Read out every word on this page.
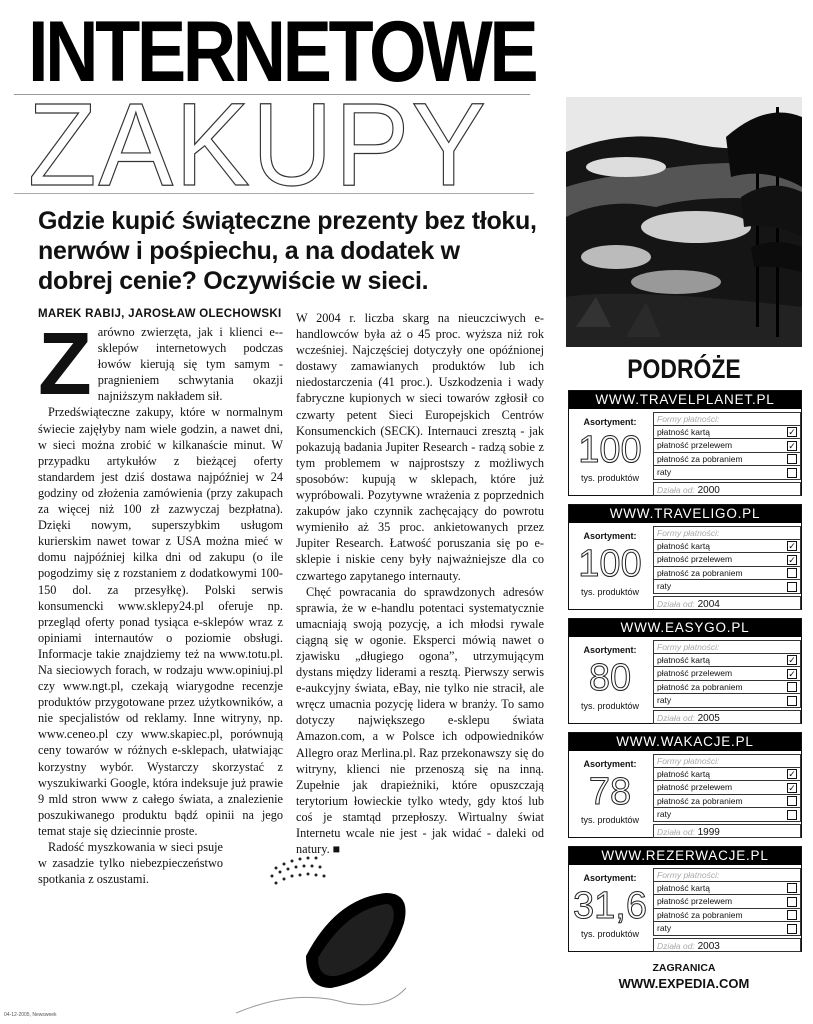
INTERNETOWE
ZAKUPY
Gdzie kupić świąteczne prezenty bez tłoku, nerwów i pośpiechu, a na dodatek w dobrej cenie? Oczywiście w sieci.
MAREK RABIJ, JAROSŁAW OLECHOWSKI
Z arówno zwierzęta, jak i klienci e--sklepów internetowych podczas łowów kierują się tym samym - pragnieniem schwytania okazji najniższym nakładem sił.

Przedświąteczne zakupy, które w normalnym świecie zajęłyby nam wiele godzin, a nawet dni, w sieci można zrobić w kilkanaście minut. W przypadku artykułów z bieżącej oferty standardem jest dziś dostawa najpóźniej w 24 godziny od złożenia zamówienia (przy zakupach za więcej niż 100 zł zazwyczaj bezpłatna). Dzięki nowym, superszybkim usługom kurierskim nawet towar z USA można mieć w domu najpóźniej kilka dni od zakupu (o ile pogodzimy się z rozstaniem z dodatkowymi 100-150 dol. za przesyłkę). Polski serwis konsumencki www.sklepy24.pl oferuje np. przegląd oferty ponad tysiąca e-sklepów wraz z opiniami internautów o poziomie obsługi. Informacje takie znajdziemy też na www.totu.pl. Na sieciowych forach, w rodzaju www.opiniuj.pl czy www.ngt.pl, czekają wiarygodne recenzje produktów przygotowane przez użytkowników, a nie specjalistów od reklamy. Inne witryny, np. www.ceneo.pl czy www.skapiec.pl, porównują ceny towarów w różnych e-sklepach, ułatwiając korzystny wybór. Wystarczy skorzystać z wyszukiwarki Google, która indeksuje już prawie 9 mld stron www z całego świata, a znalezienie poszukiwanego produktu bądź opinii na jego temat staje się dziecinnie proste.

Radość myszkowania w sieci psuje w zasadzie tylko niebezpieczeństwo spotkania z oszustami.

W 2004 r. liczba skarg na nieuczciwych e-handlowców była aż o 45 proc. wyższa niż rok wcześniej. Najczęściej dotyczyły one opóźnionej dostawy zamawianych produktów lub ich niedostarczenia (41 proc.). Uszkodzenia i wady fabryczne kupionych w sieci towarów zgłosił co czwarty petent Sieci Europejskich Centrów Konsumenckich (SECK). Internauci zresztą - jak pokazują badania Jupiter Research - radzą sobie z tym problemem w najprostszy z możliwych sposobów: kupują w sklepach, które już wypróbowali. Pozytywne wrażenia z poprzednich zakupów jako czynnik zachęcający do powrotu wymieniło aż 35 proc. ankietowanych przez Jupiter Research. Łatwość poruszania się po e-sklepie i niskie ceny były najważniejsze dla co czwartego zapytanego internauty.

Chęć powracania do sprawdzonych adresów sprawia, że w e-handlu potentaci systematycznie umacniają swoją pozycję, a ich młodsi rywale ciągną się w ogonie. Eksperci mówią nawet o zjawisku „długiego ogona”, utrzymującym dystans między liderami a resztą. Pierwszy serwis e-aukcyjny świata, eBay, nie tylko nie stracił, ale wręcz umacnia pozycję lidera w branży. To samo dotyczy największego e-sklepu świata Amazon.com, a w Polsce ich odpowiedników Allegro oraz Merlina.pl. Raz przekonawszy się do witryny, klienci nie przenoszą się na inną. Zupełnie jak drapieżniki, które opuszczają terytorium łowieckie tylko wtedy, gdy ktoś lub coś je stamtąd przepłoszy. Wirtualny świat Internetu wcale nie jest - jak widać - daleki od natury. ■

PODRÓŻE
WWW.TRAVELPLANET.PL
Asortyment:
100
tys. produktów
Formy płatności:
płatność kartą	✓
płatność przelewem	✓
płatność za pobraniem
raty
Działa od: 2000
WWW.TRAVELIGO.PL
Asortyment:
100
tys. produktów
Formy płatności:
płatność kartą	✓
płatność przelewem	✓
płatność za pobraniem
raty
Działa od: 2004
WWW.EASYGO.PL
Asortyment:
80
tys. produktów
Formy płatności:
płatność kartą	✓
płatność przelewem	✓
płatność za pobraniem
raty
Działa od: 2005
WWW.WAKACJE.PL
Asortyment:
78
tys. produktów
Formy płatności:
płatność kartą	✓
płatność przelewem	✓
płatność za pobraniem
raty
Działa od: 1999
WWW.REZERWACJE.PL
Asortyment:
31,6
tys. produktów
Formy płatności:
płatność kartą
płatność przelewem
płatność za pobraniem
raty
Działa od: 2003
ZAGRANICA
WWW.EXPEDIA.COM
04-12-2005, Newsweek
